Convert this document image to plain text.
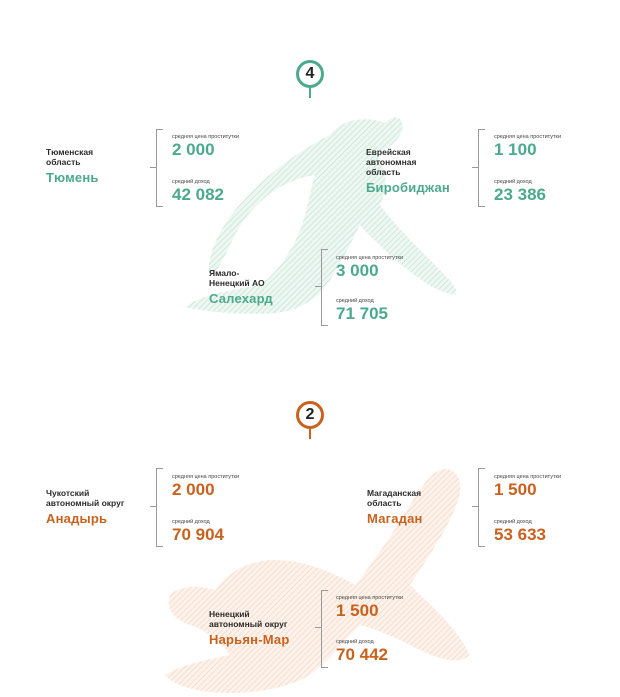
4
Тюменская
область
Тюмень
средняя цена проститутки
2 000
средний доход
42 082
Еврейская
автономная
область
Биробиджан
средняя цена проститутки
1 100
средний доход
23 386
Ямало-
Ненецкий АО
Салехард
средняя цена проститутки
3 000
средний доход
71 705
2
Чукотский
автономный округ
Анадырь
средняя цена проститутки
2 000
средний доход
70 904
Магаданская
область
Магадан
средняя цена проститутки
1 500
средний доход
53 633
Ненецкий
автономный округ
Нарьян-Мар
средняя цена проститутки
1 500
средний доход
70 442
